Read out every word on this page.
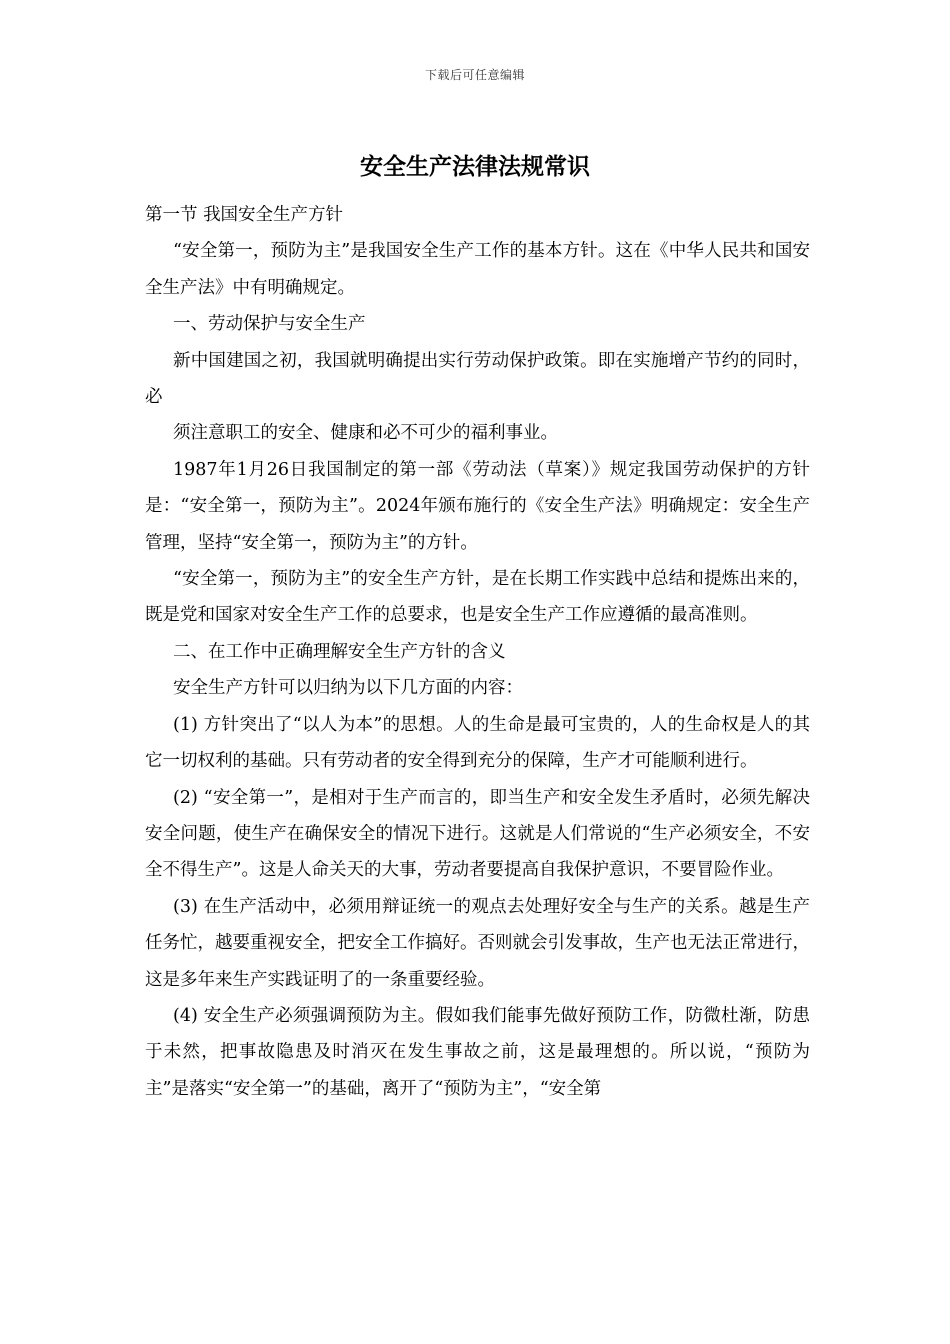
下载后可任意编辑
安全生产法律法规常识

第一节 我国安全生产方针

“安全第一，预防为主”是我国安全生产工作的基本方针。这在《中华人民共和国安全生产法》中有明确规定。

一、劳动保护与安全生产

新中国建国之初，我国就明确提出实行劳动保护政策。即在实施增产节约的同时，必

须注意职工的安全、健康和必不可少的福利事业。

1987年1月26日我国制定的第一部《劳动法（草案）》规定我国劳动保护的方针是：“安全第一，预防为主”。2024年颁布施行的《安全生产法》明确规定：安全生产管理，坚持“安全第一，预防为主”的方针。

“安全第一，预防为主”的安全生产方针，是在长期工作实践中总结和提炼出来的，既是党和国家对安全生产工作的总要求，也是安全生产工作应遵循的最高准则。

二、在工作中正确理解安全生产方针的含义

安全生产方针可以归纳为以下几方面的内容：

(1) 方针突出了“以人为本”的思想。人的生命是最可宝贵的，人的生命权是人的其它一切权利的基础。只有劳动者的安全得到充分的保障，生产才可能顺利进行。

(2) “安全第一”，是相对于生产而言的，即当生产和安全发生矛盾时，必须先解决安全问题，使生产在确保安全的情况下进行。这就是人们常说的“生产必须安全，不安全不得生产”。这是人命关天的大事，劳动者要提高自我保护意识，不要冒险作业。

(3) 在生产活动中，必须用辩证统一的观点去处理好安全与生产的关系。越是生产任务忙，越要重视安全，把安全工作搞好。否则就会引发事故，生产也无法正常进行，这是多年来生产实践证明了的一条重要经验。

(4) 安全生产必须强调预防为主。假如我们能事先做好预防工作，防微杜渐，防患于未然，把事故隐患及时消灭在发生事故之前，这是最理想的。所以说，“预防为主”是落实“安全第一”的基础，离开了“预防为主”，“安全第
